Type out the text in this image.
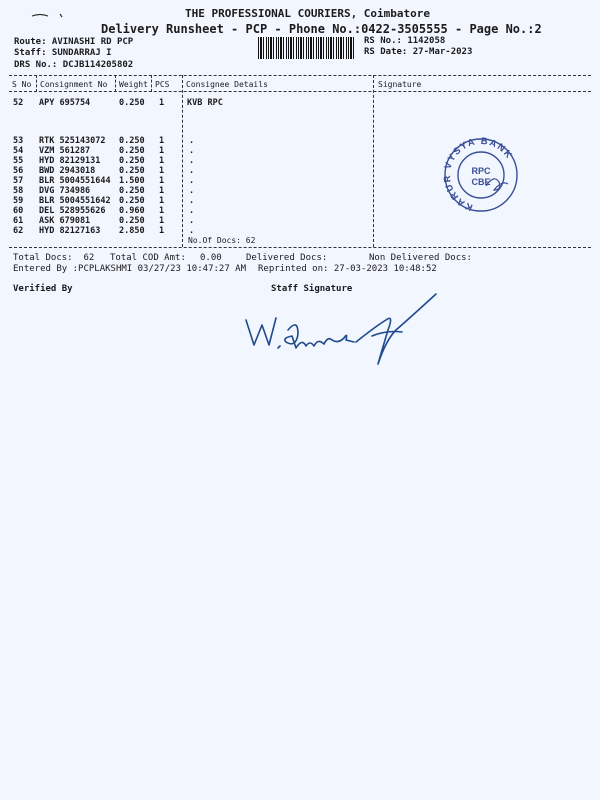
THE PROFESSIONAL COURIERS, Coimbatore
Delivery Runsheet - PCP - Phone No.:0422-3505555 - Page No.:2
Route: AVINASHI RD PCP
Staff: SUNDARRAJ I
DRS No.: DCJB114205802
RS No.: 1142058
RS Date: 27-Mar-2023
S No Consignment No Weight PCS Consignee Details	Signature
52 APY 695754	0.250 1	KVB RPC
53 RTK 525143072 0.250 1	.
54 VZM 561287	0.250 1	.
55 HYD 82129131 0.250 1	.
56 BWD 2943018	0.250 1	.
57 BLR 5004551644 1.500 1	.
58 DVG 734986	0.250 1	.
59 BLR 5004551642 0.250 1	.
60 DEL 528955626 0.960 1	.
61 ASK 679081	0.250 1	.
62 HYD 82127163 2.850 1	.
No.Of Docs: 62
KARUR VYSYA BANK
RPC
CBE
Total Docs:  62 Total COD Amt: 0.00	Delivered Docs:	Non Delivered Docs:
Entered By :PCPLAKSHMI 03/27/23 10:47:27 AM Reprinted on: 27-03-2023 10:48:52
Verified By	Staff Signature
